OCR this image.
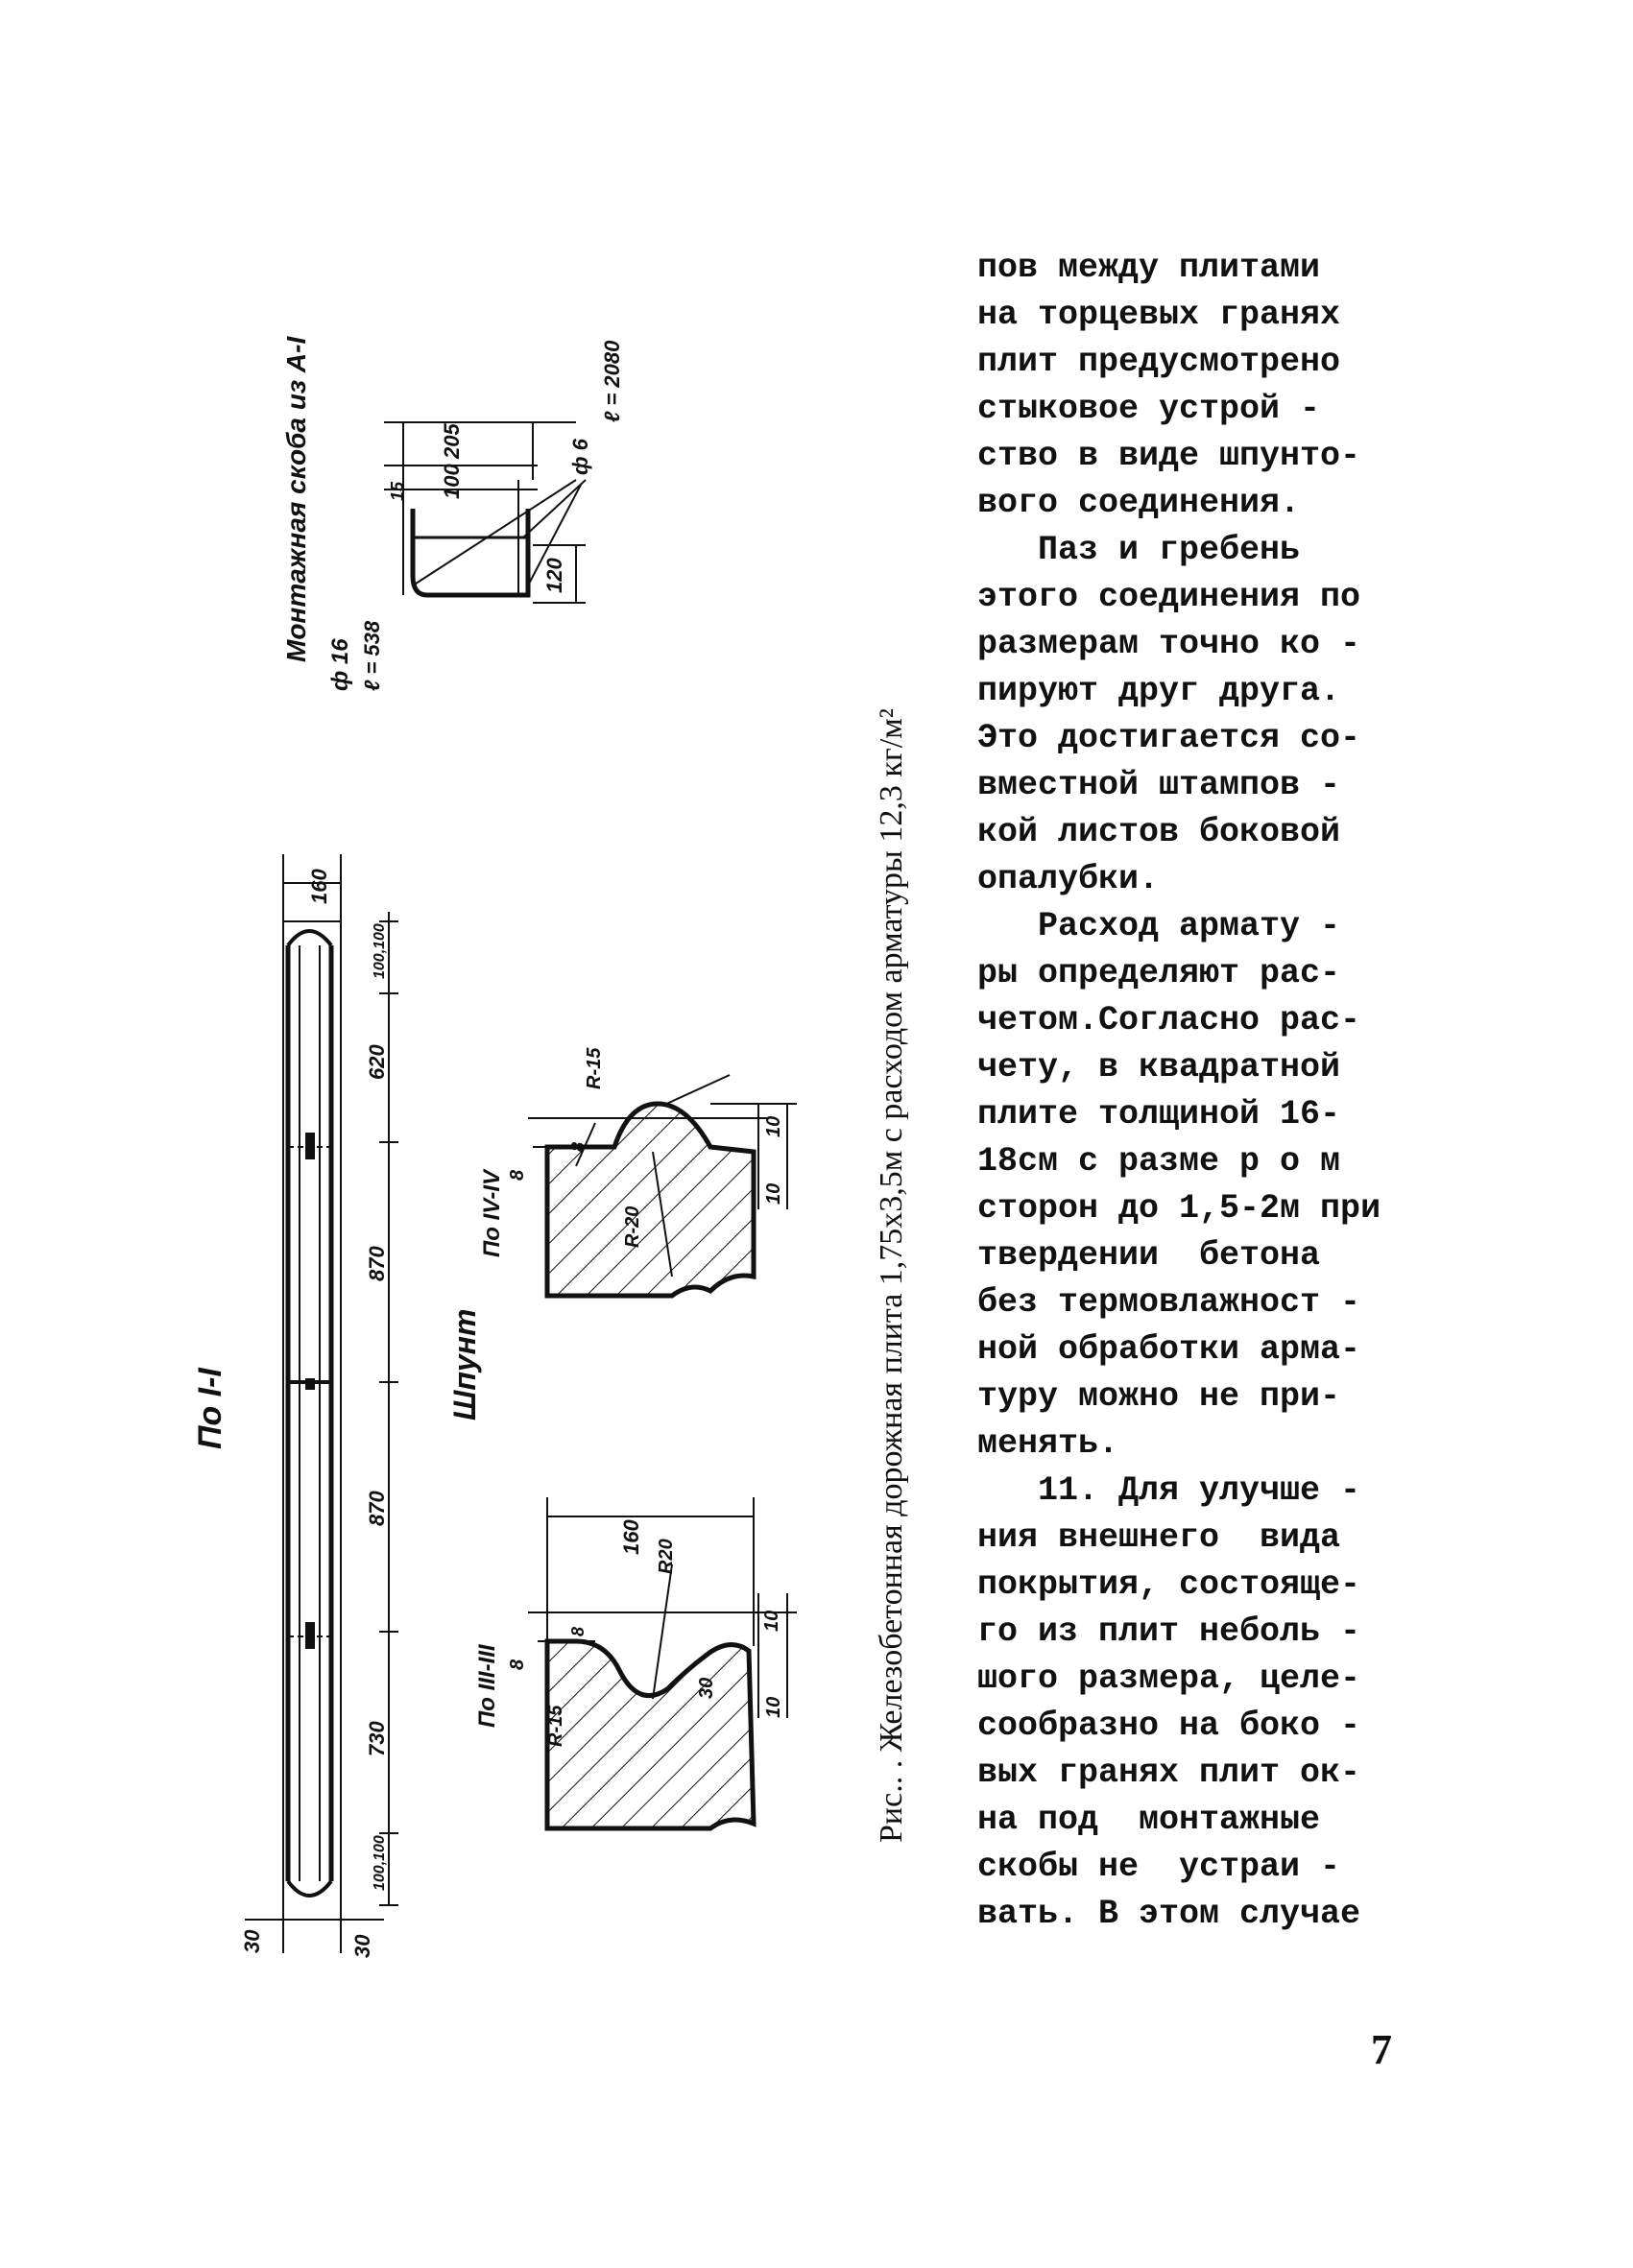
По I-I
Монтажная скоба из А-I
ф 16 ℓ = 538
205
100
15
ф 6
ℓ = 2080
120
160
100,100
620
870
870
730
100,100
30	30
Шпунт
По IV-IV 8
R-15
R-20
10
10
8
По III-III 8
160
R20
R-15
10
30
10
8	Рис.. . Железобетонная дорожная плита 1,75х3,5м с расходом арматуры 12,3 кг/м²
пов между плитами
на торцевых гранях
плит предусмотрено
стыковое устрой -
ство в виде шпунто-
вого соединения.
Паз и гребень
этого соединения по
размерам точно ко -
пируют друг друга.
Это достигается со-
вместной штампов -
кой листов боковой
опалубки.
Расход армату -
ры определяют рас-
четом.Согласно рас-
чету, в квадратной
плите толщиной 16-
18см с разме р о м
сторон до 1,5-2м при
твердении  бетона
без термовлажност -
ной обработки арма-
туру можно не при-
менять.
11. Для улучше -
ния внешнего  вида
покрытия, состояще-
го из плит неболь -
шого размера, целе-
сообразно на боко -
вых гранях плит ок-
на под  монтажные
скобы не  устраи -
вать. В этом случае
7
